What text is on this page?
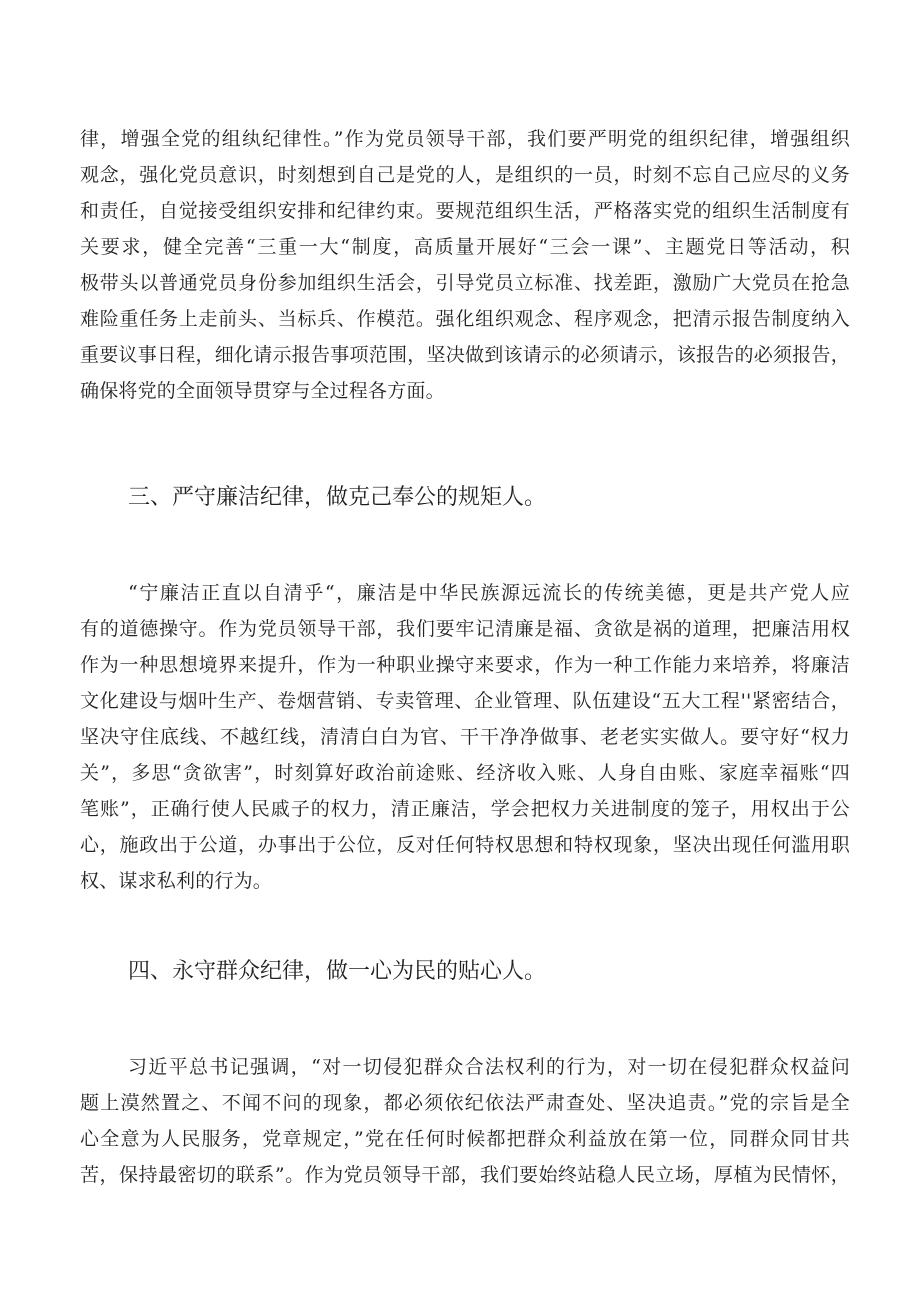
律，增强全党的组纨纪律性。”作为党员领导干部，我们要严明党的组织纪律，增强组织
观念，强化党员意识，时刻想到自己是党的人，是组织的一员，时刻不忘自己应尽的义务
和责任，自觉接受组织安排和纪律约束。要规范组织生活，严格落实党的组织生活制度有
关要求，健全完善“三重一大“制度，高质量开展好“三会一课”、主题党日等活动，积
极带头以普通党员身份参加组织生活会，引导党员立标准、找差距，激励广大党员在抢急
难险重任务上走前头、当标兵、作模范。强化组织观念、程序观念，把清示报告制度纳入
重要议事日程，细化请示报告事项范围，坚决做到该请示的必须请示，该报告的必须报告，
确保将党的全面领导贯穿与全过程各方面。
三、严守廉洁纪律，做克己奉公的规矩人。
“宁廉洁正直以自清乎“，廉洁是中华民族源远流长的传统美德，更是共产党人应
有的道德操守。作为党员领导干部，我们要牢记清廉是福、贪欲是祸的道理，把廉洁用权
作为一种思想境界来提升，作为一种职业操守来要求，作为一种工作能力来培养，将廉洁
文化建设与烟叶生产、卷烟营销、专卖管理、企业管理、队伍建设“五大工程''紧密结合，
坚决守住底线、不越红线，清清白白为官、干干净净做事、老老实实做人。要守好“权力
关”，多思“贪欲害”，时刻算好政治前途账、经济收入账、人身自由账、家庭幸福账“四
笔账”，正确行使人民戚子的权力，清正廉洁，学会把权力关进制度的笼子，用权出于公
心，施政出于公道，办事出于公位，反对任何特权思想和特权现象，坚决出现任何滥用职
权、谋求私利的行为。
四、永守群众纪律，做一心为民的贴心人。
习近平总书记强调，“对一切侵犯群众合法权利的行为，对一切在侵犯群众权益问
题上漠然置之、不闻不问的现象，都必须依纪依法严肃查处、坚决追责。”党的宗旨是全
心全意为人民服务，党章规定，”党在任何时候都把群众利益放在第一位，同群众同甘共
苦，保持最密切的联系”。作为党员领导干部，我们要始终站稳人民立场，厚植为民情怀，
